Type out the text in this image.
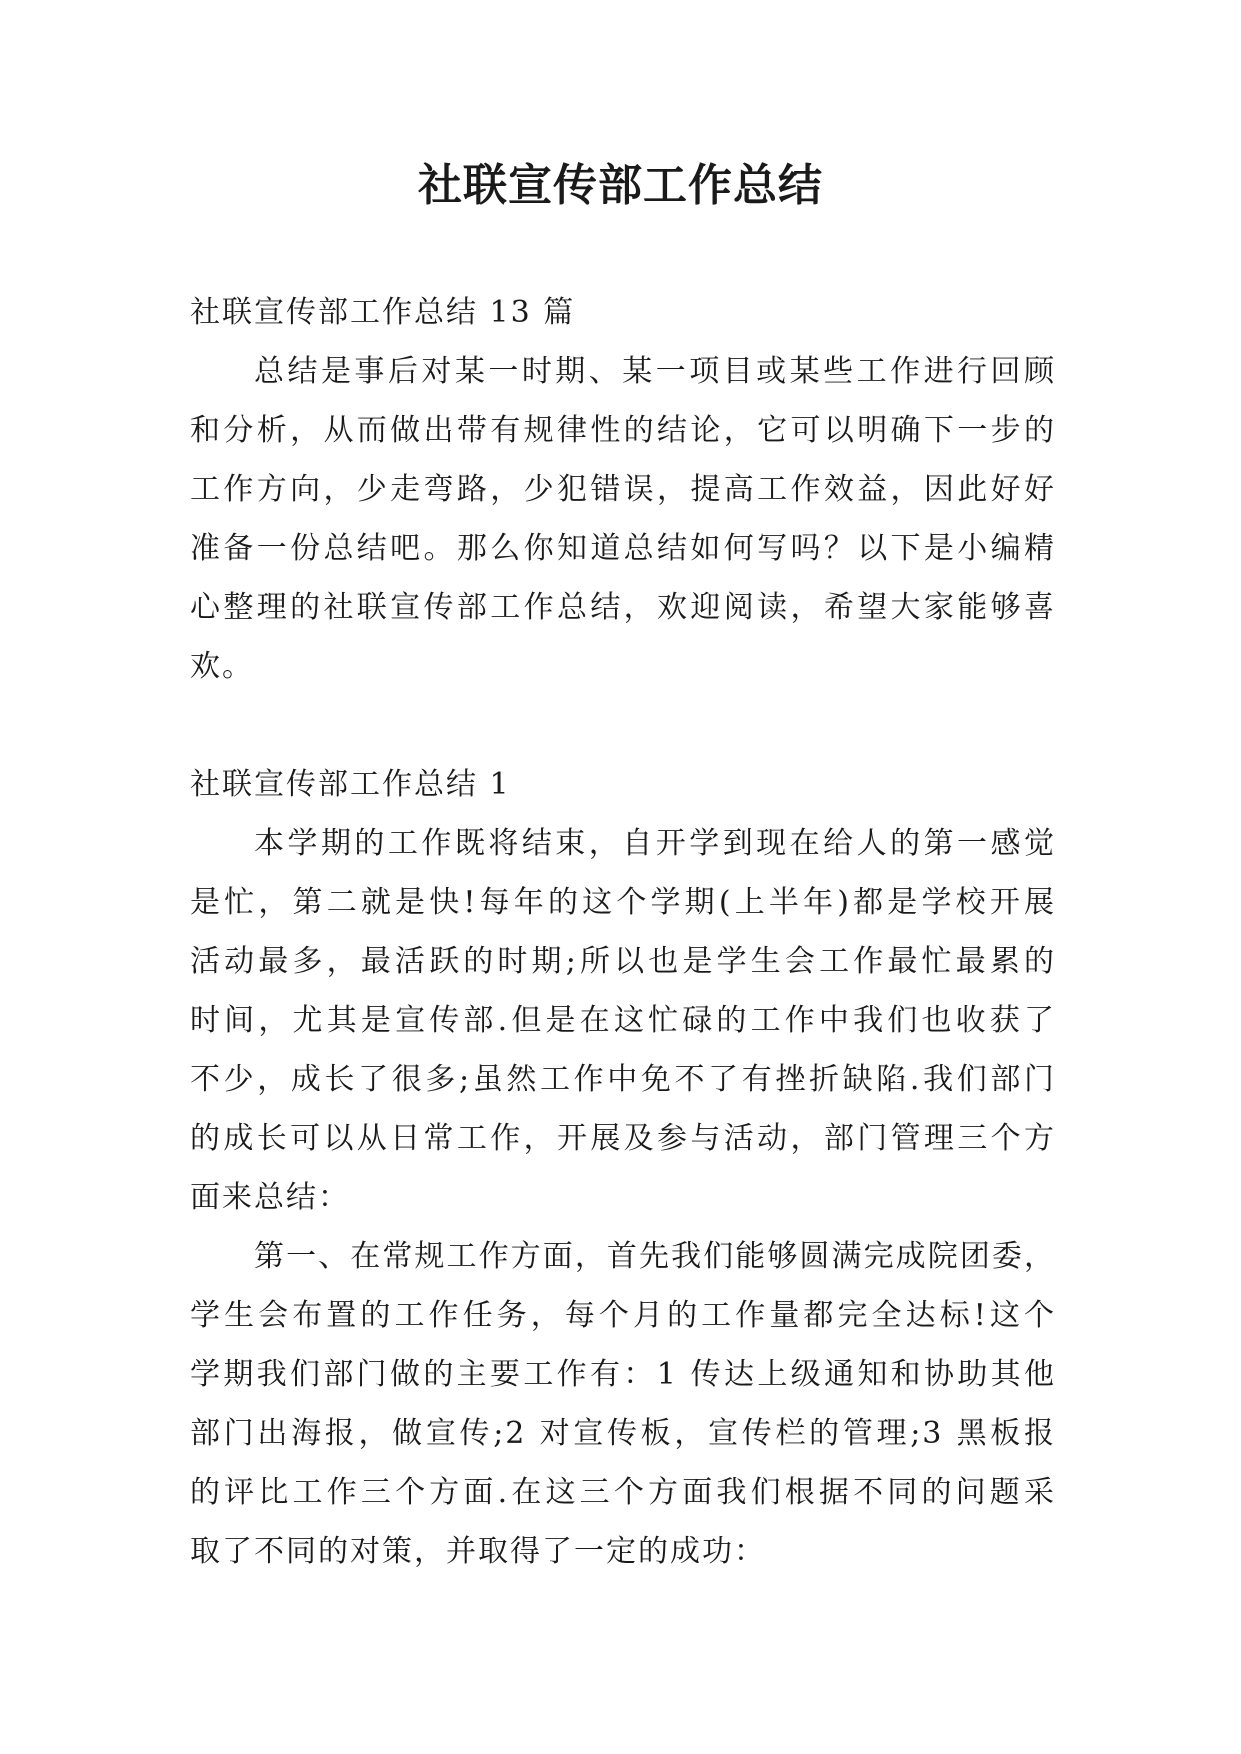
社联宣传部工作总结

社联宣传部工作总结 13 篇

总结是事后对某一时期、某一项目或某些工作进行回顾

和分析，从而做出带有规律性的结论，它可以明确下一步的

工作方向，少走弯路，少犯错误，提高工作效益，因此好好

准备一份总结吧。那么你知道总结如何写吗？以下是小编精

心整理的社联宣传部工作总结，欢迎阅读，希望大家能够喜

欢。

社联宣传部工作总结 1

本学期的工作既将结束，自开学到现在给人的第一感觉

是忙，第二就是快!每年的这个学期(上半年)都是学校开展

活动最多，最活跃的时期;所以也是学生会工作最忙最累的

时间，尤其是宣传部.但是在这忙碌的工作中我们也收获了

不少，成长了很多;虽然工作中免不了有挫折缺陷.我们部门

的成长可以从日常工作，开展及参与活动，部门管理三个方

面来总结：

第一、在常规工作方面，首先我们能够圆满完成院团委，

学生会布置的工作任务，每个月的工作量都完全达标!这个

学期我们部门做的主要工作有：1 传达上级通知和协助其他

部门出海报，做宣传;2 对宣传板，宣传栏的管理;3 黑板报

的评比工作三个方面.在这三个方面我们根据不同的问题采

取了不同的对策，并取得了一定的成功：
